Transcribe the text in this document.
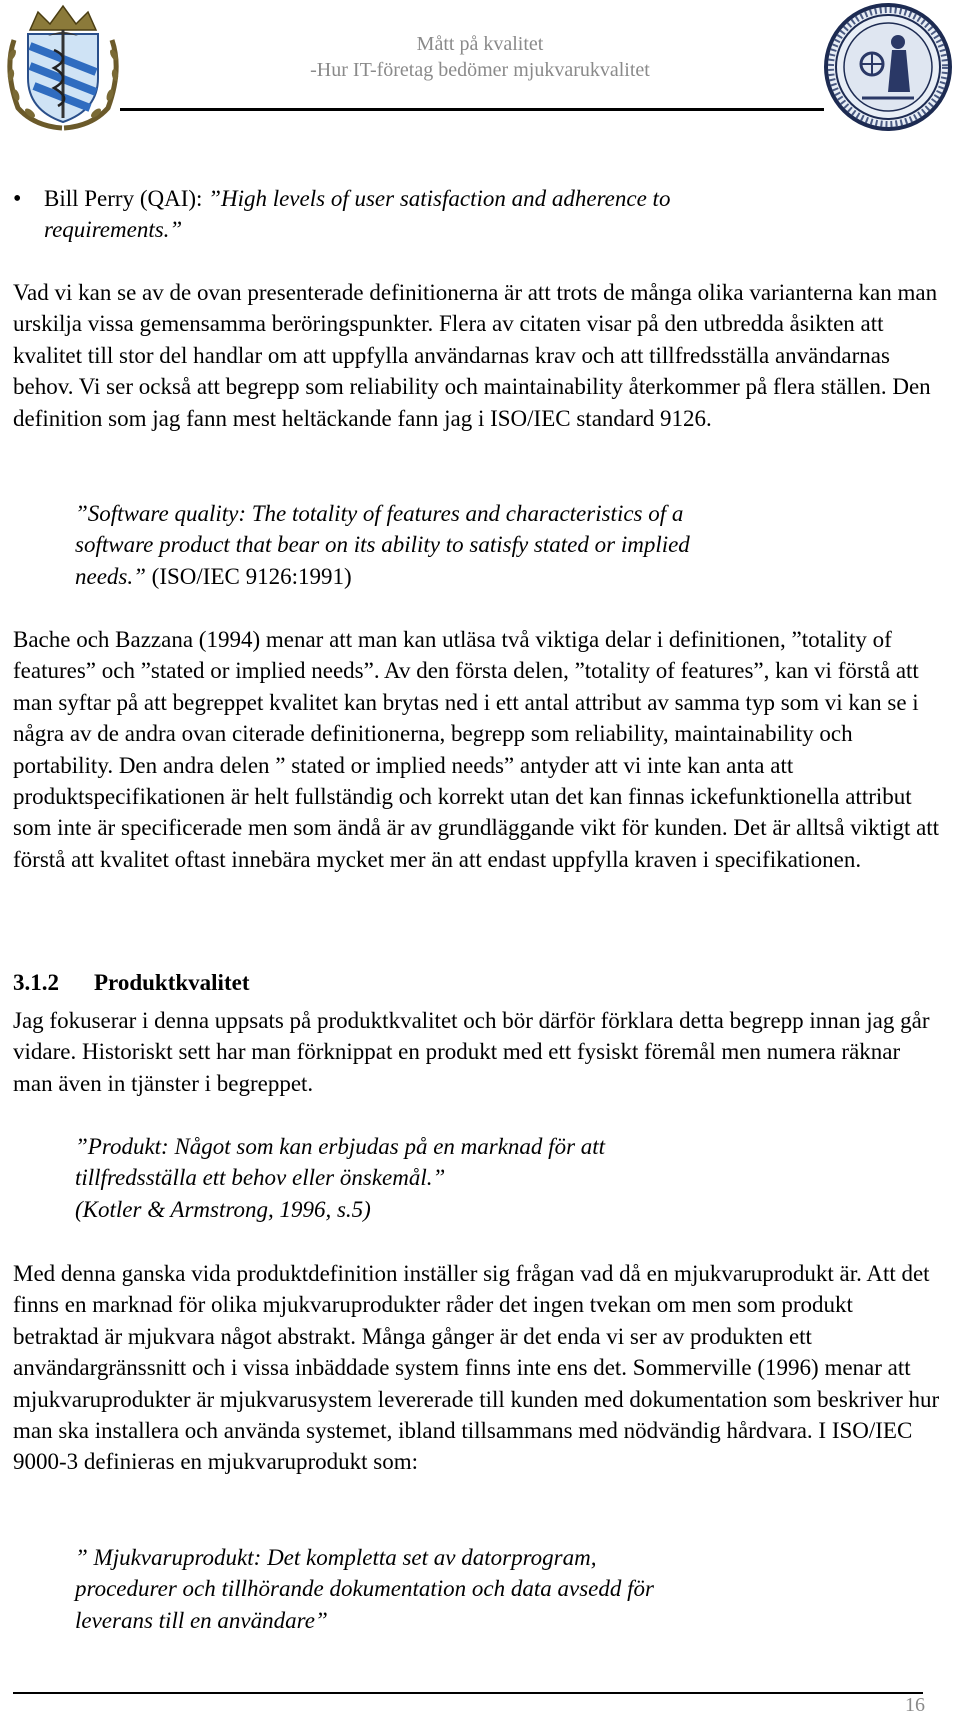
Mått på kvalitet
-Hur IT-företag bedömer mjukvarukvalitet
• Bill Perry (QAI): ”High levels of user satisfaction and adherence to requirements.”

Vad vi kan se av de ovan presenterade definitionerna är att trots de många olika varianterna kan man urskilja vissa gemensamma beröringspunkter. Flera av citaten visar på den utbredda åsikten att kvalitet till stor del handlar om att uppfylla användarnas krav och att tillfredsställa användarnas behov. Vi ser också att begrepp som reliability och maintainability återkommer på flera ställen. Den definition som jag fann mest heltäckande fann jag i ISO/IEC standard 9126.

”Software quality: The totality of features and characteristics of a
software product that bear on its ability to satisfy stated or implied
needs.” (ISO/IEC 9126:1991)

Bache och Bazzana (1994) menar att man kan utläsa två viktiga delar i definitionen, ”totality of features” och ”stated or implied needs”. Av den första delen, ”totality of features”, kan vi förstå att man syftar på att begreppet kvalitet kan brytas ned i ett antal attribut av samma typ som vi kan se i några av de andra ovan citerade definitionerna, begrepp som reliability, maintainability och portability. Den andra delen ” stated or implied needs” antyder att vi inte kan anta att produktspecifikationen är helt fullständig och korrekt utan det kan finnas ickefunktionella attribut som inte är specificerade men som ändå är av grundläggande vikt för kunden. Det är alltså viktigt att förstå att kvalitet oftast innebära mycket mer än att endast uppfylla kraven i specifikationen.

3.1.2 Produktkvalitet

Jag fokuserar i denna uppsats på produktkvalitet och bör därför förklara detta begrepp innan jag går vidare. Historiskt sett har man förknippat en produkt med ett fysiskt föremål men numera räknar man även in tjänster i begreppet.

”Produkt: Något som kan erbjudas på en marknad för att
tillfredsställa ett behov eller önskemål.”
(Kotler & Armstrong, 1996, s.5)

Med denna ganska vida produktdefinition inställer sig frågan vad då en mjukvaruprodukt är. Att det finns en marknad för olika mjukvaruprodukter råder det ingen tvekan om men som produkt betraktad är mjukvara något abstrakt. Många gånger är det enda vi ser av produkten ett användargränssnitt och i vissa inbäddade system finns inte ens det. Sommerville (1996) menar att mjukvaruprodukter är mjukvarusystem levererade till kunden med dokumentation som beskriver hur man ska installera och använda systemet, ibland tillsammans med nödvändig hårdvara. I ISO/IEC 9000-3 definieras en mjukvaruprodukt som:

” Mjukvaruprodukt: Det kompletta set av datorprogram,
procedurer och tillhörande dokumentation och data avsedd för
leverans till en användare”
16
